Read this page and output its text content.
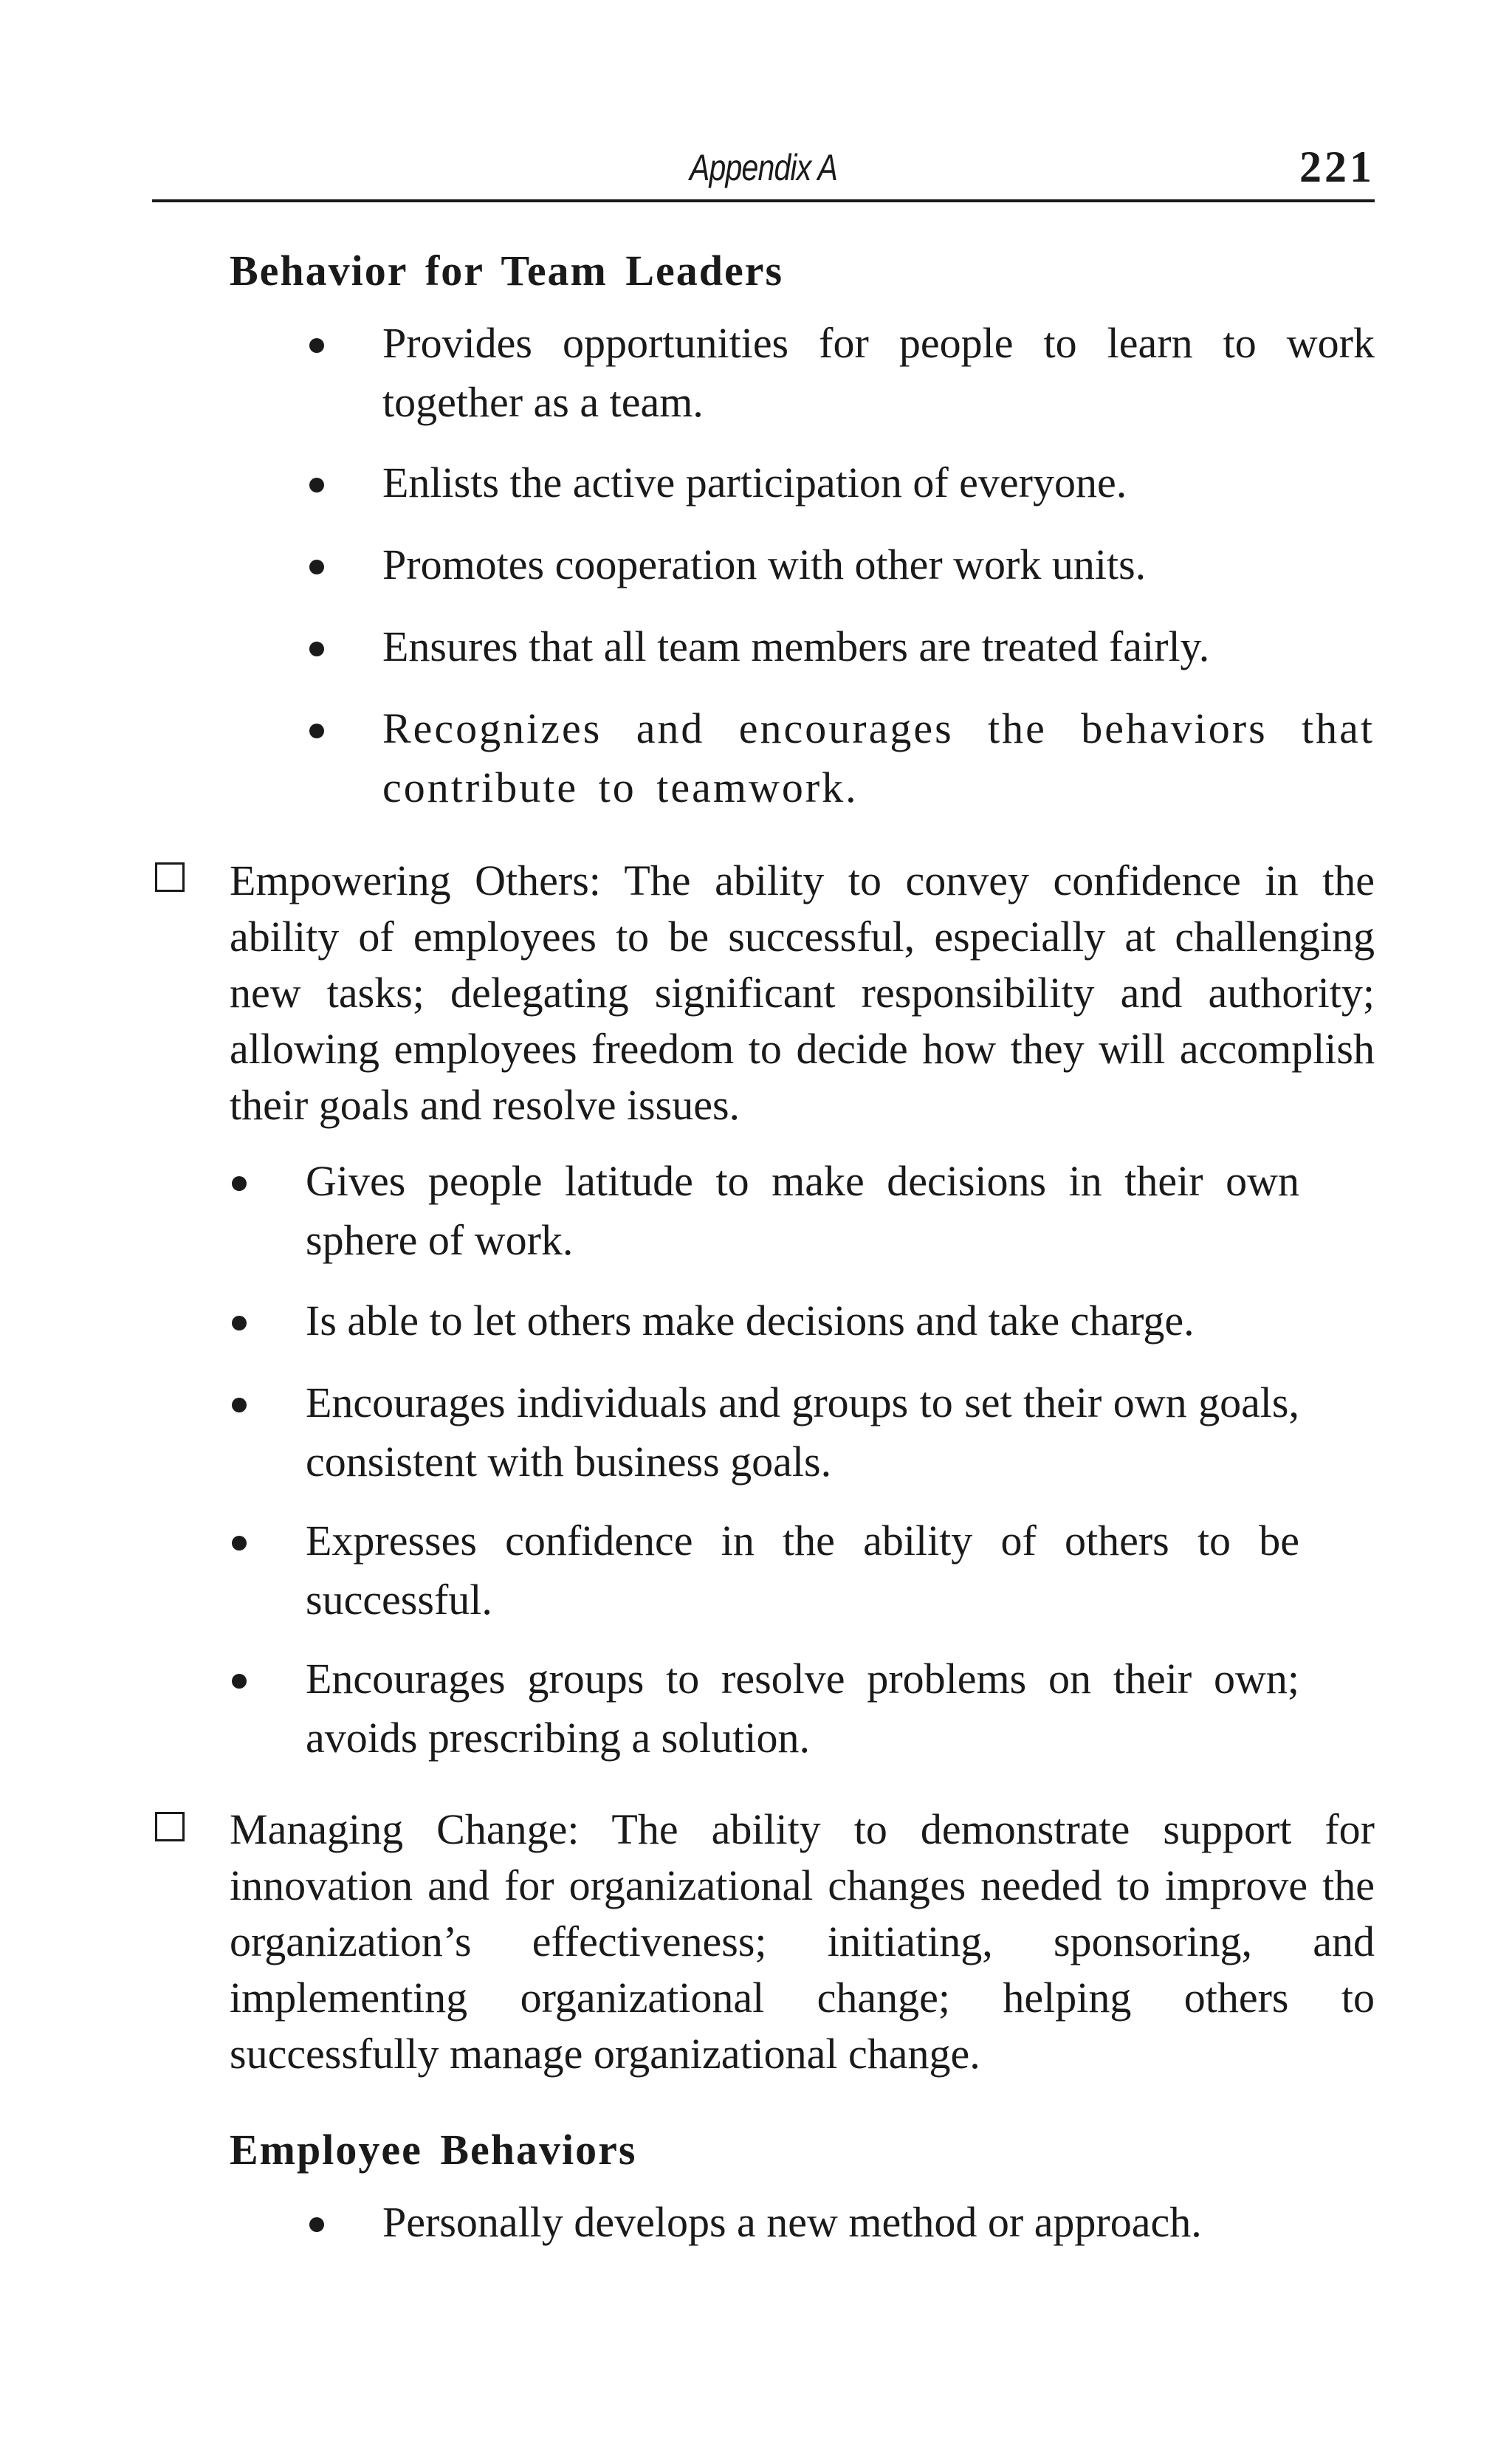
Appendix A	221
Behavior for Team Leaders
Provides opportunities for people to learn to work together as a team.
Enlists the active participation of everyone.
Promotes cooperation with other work units.
Ensures that all team members are treated fairly.
Recognizes and encourages the behaviors that contribute to teamwork.
Empowering Others: The ability to convey confidence in the ability of employees to be successful, especially at challenging new tasks; delegating significant responsibility and authority; allowing employees freedom to decide how they will accomplish their goals and resolve issues.
Gives people latitude to make decisions in their own sphere of work.
Is able to let others make decisions and take charge.
Encourages individuals and groups to set their own goals, consistent with business goals.
Expresses confidence in the ability of others to be successful.
Encourages groups to resolve problems on their own; avoids prescribing a solution.
Managing Change: The ability to demonstrate support for innovation and for organizational changes needed to improve the organization’s effectiveness; initiating, sponsoring, and implementing organizational change; helping others to successfully manage organizational change.
Employee Behaviors
Personally develops a new method or approach.
